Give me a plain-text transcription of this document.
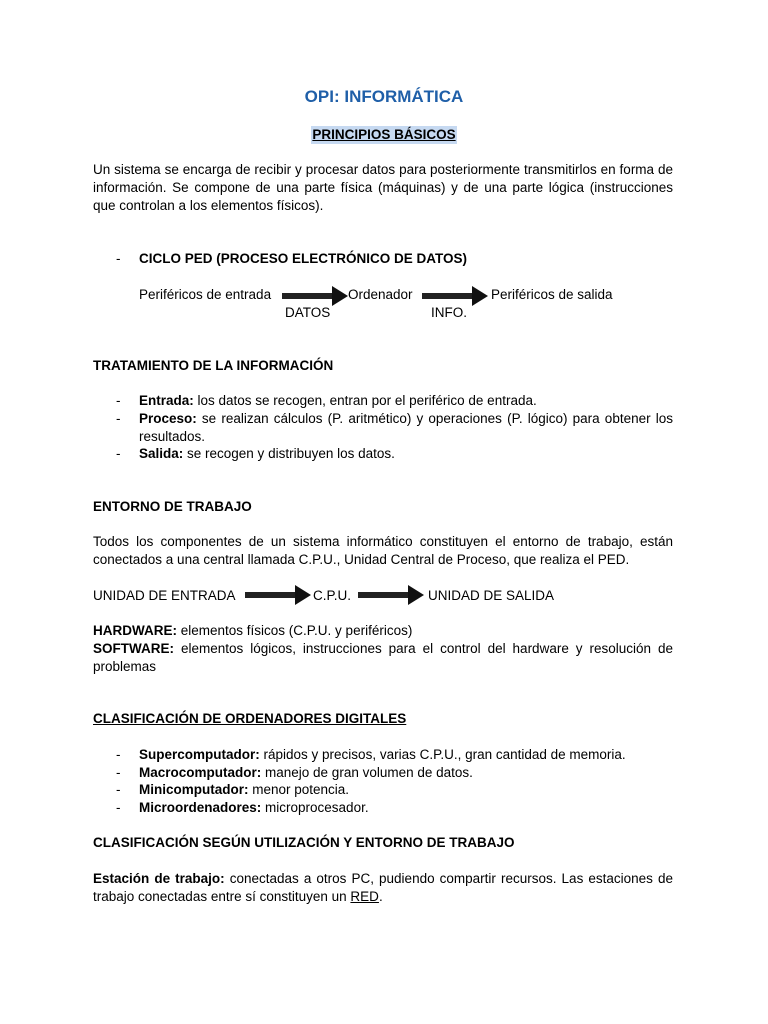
OPI: INFORMÁTICA
PRINCIPIOS BÁSICOS
Un sistema se encarga de recibir y procesar datos para posteriormente transmitirlos en forma de información. Se compone de una parte física (máquinas) y de una parte lógica (instrucciones que controlan a los elementos físicos).
- CICLO PED (PROCESO ELECTRÓNICO DE DATOS)
Periféricos de entrada	Ordenador	Periféricos de salida
DATOS	INFO.
TRATAMIENTO DE LA INFORMACIÓN
- Entrada: los datos se recogen, entran por el periférico de entrada.
- Proceso: se realizan cálculos (P. aritmético) y operaciones (P. lógico) para obtener los resultados.
- Salida: se recogen y distribuyen los datos.
ENTORNO DE TRABAJO
Todos los componentes de un sistema informático constituyen el entorno de trabajo, están conectados a una central llamada C.P.U., Unidad Central de Proceso, que realiza el PED.
UNIDAD DE ENTRADA	C.P.U.	UNIDAD DE SALIDA
HARDWARE: elementos físicos (C.P.U. y periféricos)
SOFTWARE: elementos lógicos, instrucciones para el control del hardware y resolución de problemas
CLASIFICACIÓN DE ORDENADORES DIGITALES
- Supercomputador: rápidos y precisos, varias C.P.U., gran cantidad de memoria.
- Macrocomputador: manejo de gran volumen de datos.
- Minicomputador: menor potencia.
- Microordenadores: microprocesador.
CLASIFICACIÓN SEGÚN UTILIZACIÓN Y ENTORNO DE TRABAJO
Estación de trabajo: conectadas a otros PC, pudiendo compartir recursos. Las estaciones de trabajo conectadas entre sí constituyen un RED.
